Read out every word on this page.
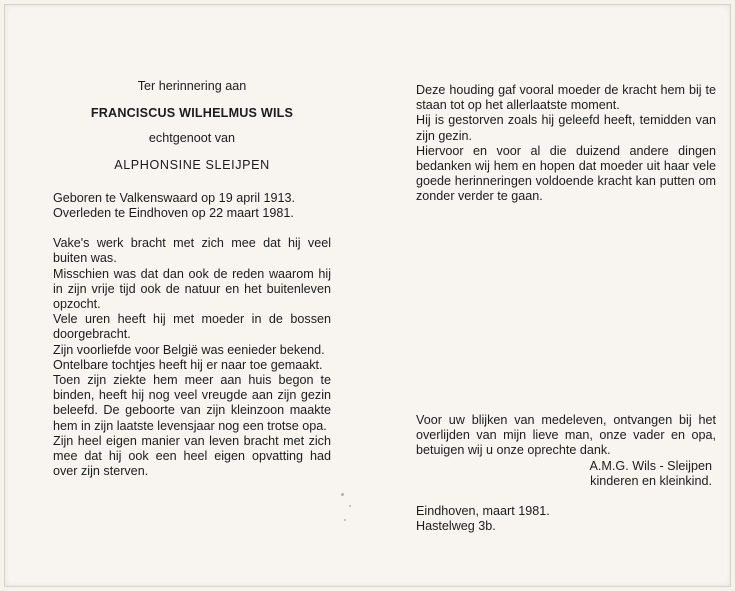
Ter herinnering aan
FRANCISCUS WILHELMUS WILS
echtgenoot van
ALPHONSINE SLEIJPEN
Geboren te Valkenswaard op 19 april 1913.
Overleden te Eindhoven op 22 maart 1981.
Vake's werk bracht met zich mee dat hij veel buiten was.
Misschien was dat dan ook de reden waarom hij in zijn vrije tijd ook de natuur en het buitenleven opzocht.
Vele uren heeft hij met moeder in de bossen doorgebracht.
Zijn voorliefde voor België was eenieder bekend.
Ontelbare tochtjes heeft hij er naar toe gemaakt.
Toen zijn ziekte hem meer aan huis begon te binden, heeft hij nog veel vreugde aan zijn gezin beleefd. De geboorte van zijn kleinzoon maakte hem in zijn laatste levensjaar nog een trotse opa.
Zijn heel eigen manier van leven bracht met zich mee dat hij ook een heel eigen opvatting had over zijn sterven.
Deze houding gaf vooral moeder de kracht hem bij te staan tot op het allerlaatste moment.
Hij is gestorven zoals hij geleefd heeft, temidden van zijn gezin.
Hiervoor en voor al die duizend andere dingen bedanken wij hem en hopen dat moeder uit haar vele goede herinneringen voldoende kracht kan putten om zonder verder te gaan.
Voor uw blijken van medeleven, ontvangen bij het overlijden van mijn lieve man, onze vader en opa, betuigen wij u onze oprechte dank.
A.M.G. Wils - Sleijpen
kinderen en kleinkind.
Eindhoven, maart 1981.
Hastelweg 3b.
